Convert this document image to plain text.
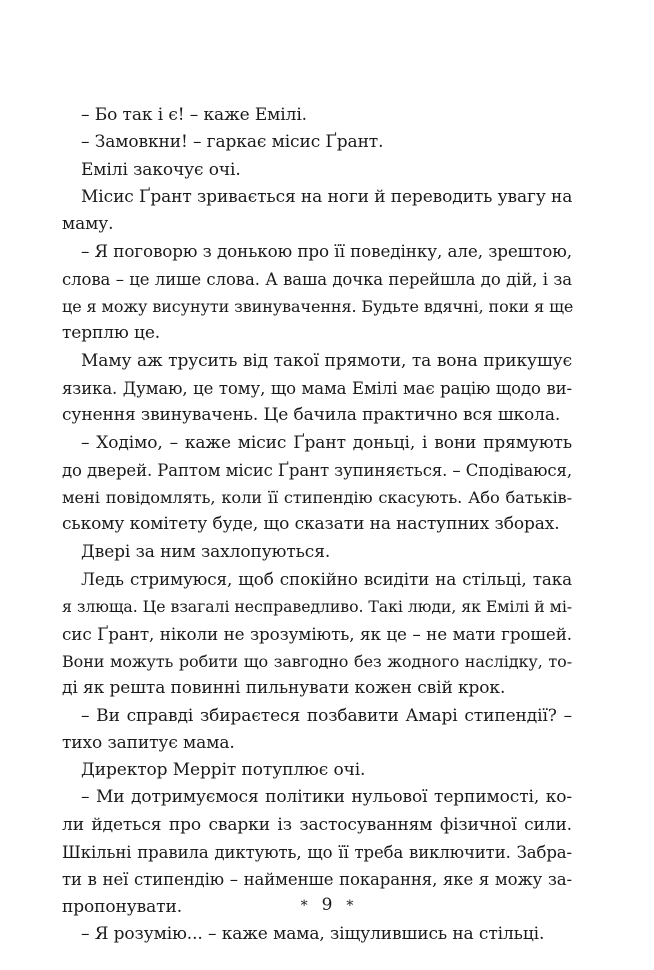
– Бо так і є! – каже Емілі.
– Замовкни! – гаркає місис Ґрант.
Емілі закочує очі.
Місис Ґрант зривається на ноги й переводить увагу на
маму.
– Я поговорю з донькою про її поведінку, але, зрештою,
слова – це лише слова. А ваша дочка перейшла до дій, і за
це я можу висунути звинувачення. Будьте вдячні, поки я ще
терплю це.
Маму аж трусить від такої прямоти, та вона прикушує
язика. Думаю, це тому, що мама Емілі має рацію щодо ви-
сунення звинувачень. Це бачила практично вся школа.
– Ходімо, – каже місис Ґрант доньці, і вони прямують
до дверей. Раптом місис Ґрант зупиняється. – Сподіваюся,
мені повідомлять, коли її стипендію скасують. Або батьків-
ському комітету буде, що сказати на наступних зборах.
Двері за ним захлопуються.
Ледь стримуюся, щоб спокійно всидіти на стільці, така
я злюща. Це взагалі несправедливо. Такі люди, як Емілі й мі-
сис Ґрант, ніколи не зрозуміють, як це – не мати грошей.
Вони можуть робити що завгодно без жодного наслідку, то-
ді як решта повинні пильнувати кожен свій крок.
– Ви справді збираєтеся позбавити Амарі стипендії? –
тихо запитує мама.
Директор Меррiт потуплює очі.
– Ми дотримуємося політики нульової терпимості, ко-
ли йдеться про сварки із застосуванням фізичної сили.
Шкільні правила диктують, що її треба виключити. Забра-
ти в неї стипендію – найменше покарання, яке я можу за-
пропонувати.
– Я розумію... – каже мама, зіщулившись на стільці.
* 9 *
